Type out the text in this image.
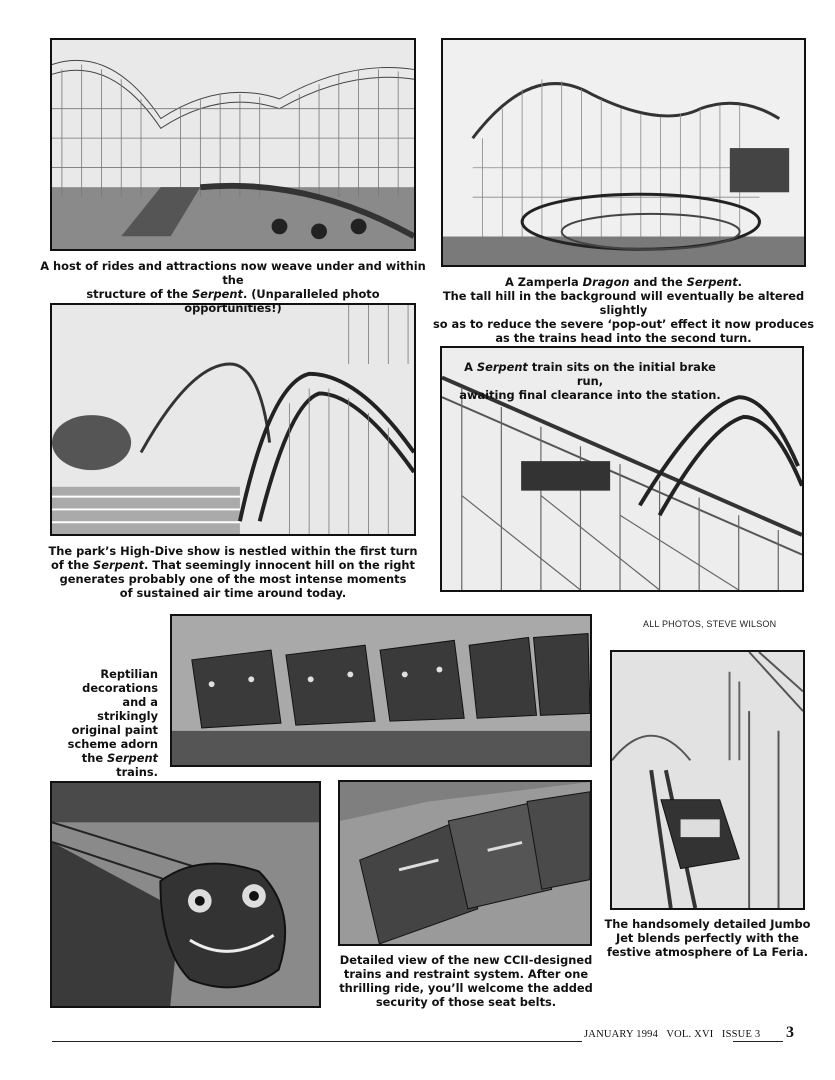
A host of rides and attractions now weave under and within the
structure of the Serpent. (Unparalleled photo opportunities!)
A Zamperla Dragon and the Serpent.
The tall hill in the background will eventually be altered slightly
so as to reduce the severe ‘pop-out’ effect it now produces
as the trains head into the second turn.
The park’s High-Dive show is nestled within the first turn
of the Serpent. That seemingly innocent hill on the right
generates probably one of the most intense moments
of sustained air time around today.
A Serpent train sits on the initial brake run,
awaiting final clearance into the station.
ALL PHOTOS, STEVE WILSON
Reptilian
decorations
and a strikingly
original paint
scheme adorn
the Serpent
trains.
Detailed view of the new CCII-designed
trains and restraint system. After one
thrilling ride, you’ll welcome the added
security of those seat belts.
The handsomely detailed Jumbo
Jet blends perfectly with the
festive atmosphere of La Feria.
JANUARY 1994   VOL. XVI   ISSUE 3 3
